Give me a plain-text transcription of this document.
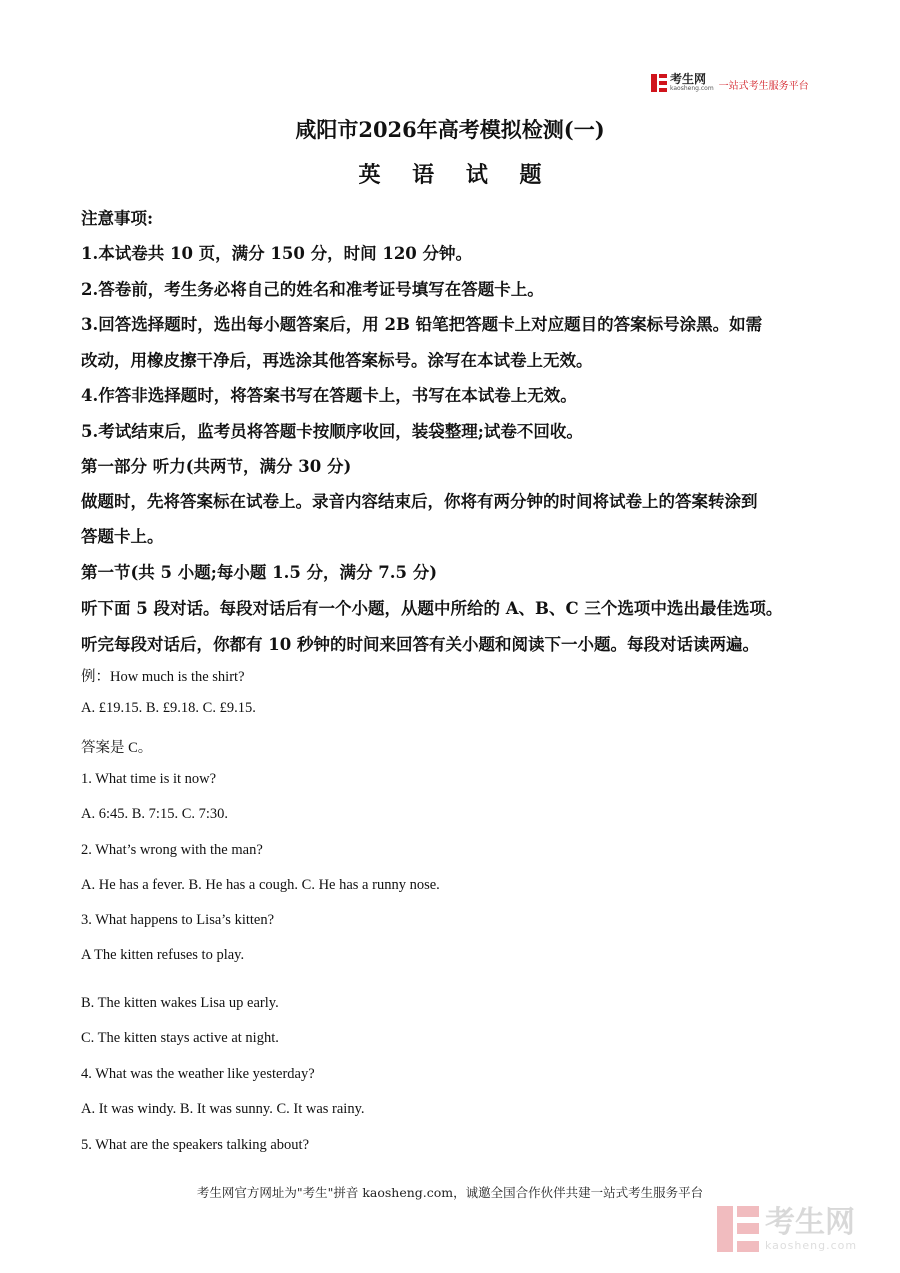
考生网
kaosheng.com 一站式考生服务平台
咸阳市2026年高考模拟检测(一)
英 语 试 题
注意事项:
1.本试卷共 10 页，满分 150 分，时间 120 分钟。
2.答卷前，考生务必将自己的姓名和准考证号填写在答题卡上。
3.回答选择题时，选出每小题答案后，用 2B 铅笔把答题卡上对应题目的答案标号涂黑。如需
改动，用橡皮擦干净后，再选涂其他答案标号。涂写在本试卷上无效。
4.作答非选择题时，将答案书写在答题卡上，书写在本试卷上无效。
5.考试结束后，监考员将答题卡按顺序收回，装袋整理;试卷不回收。
第一部分 听力(共两节，满分 30 分)
做题时，先将答案标在试卷上。录音内容结束后，你将有两分钟的时间将试卷上的答案转涂到
答题卡上。
第一节(共 5 小题;每小题 1.5 分，满分 7.5 分)
听下面 5 段对话。每段对话后有一个小题，从题中所给的 A、B、C 三个选项中选出最佳选项。
听完每段对话后，你都有 10 秒钟的时间来回答有关小题和阅读下一小题。每段对话读两遍。
例：How much is the shirt?
A. £19.15. B. £9.18. C. £9.15.
答案是 C。
1. What time is it now?
A. 6:45. B. 7:15. C. 7:30.
2. What’s wrong with the man?
A. He has a fever. B. He has a cough. C. He has a runny nose.
3. What happens to Lisa’s kitten?
A The kitten refuses to play.
B. The kitten wakes Lisa up early.
C. The kitten stays active at night.
4. What was the weather like yesterday?
A. It was windy. B. It was sunny. C. It was rainy.
5. What are the speakers talking about?
考生网官方网址为"考生"拼音 kaosheng.com，诚邀全国合作伙伴共建一站式考生服务平台
考生网
kaosheng.com
